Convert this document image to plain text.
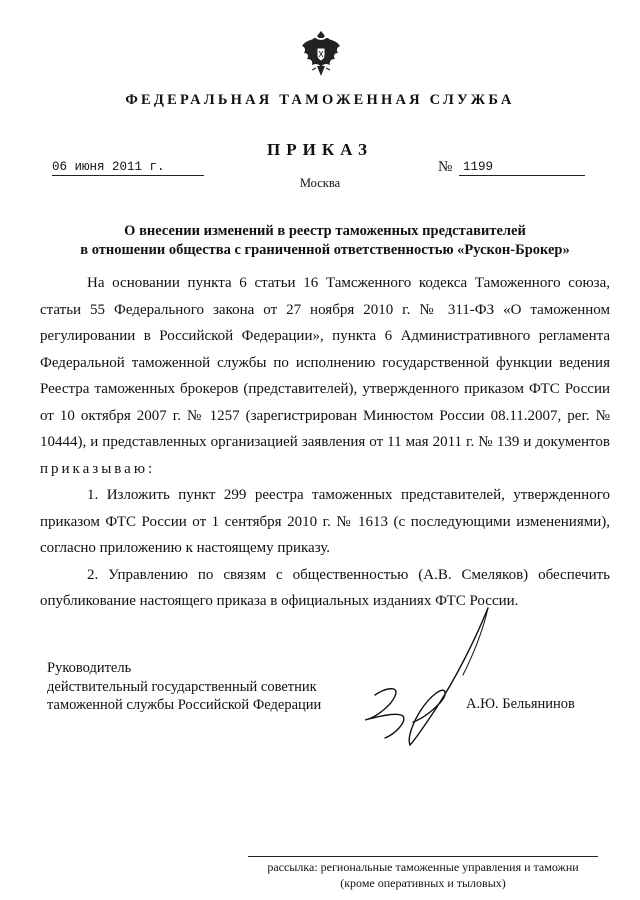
ФЕДЕРАЛЬНАЯ ТАМОЖЕННАЯ СЛУЖБА
ПРИКАЗ
06 июня 2011 г.	№ 1199
Москва
О внесении изменений в реестр таможенных представителей
в отношении общества с граниченной ответственностью «Рускон-Брокер»

На основании пункта 6 статьи 16 Тамсженного кодекса Таможенного союза, статьи 55 Федерального закона от 27 ноября 2010 г. № 311-ФЗ «О таможенном регулировании в Российской Федерации», пункта 6 Административного регламента Федеральной таможенной службы по исполнению государственной функции ведения Реестра таможенных брокеров (представителей), утвержденного приказом ФТС России от 10 октября 2007 г. № 1257 (зарегистрирован Минюстом России 08.11.2007, рег. № 10444), и представленных организацией заявления от 11 мая 2011 г. № 139 и документов приказываю:

1. Изложить пункт 299 реестра таможенных представителей, утвержденного приказом ФТС России от 1 сентября 2010 г. № 1613 (с последующими изменениями), согласно приложению к настоящему приказу.

2. Управлению по связям с общественностью (А.В. Смеляков) обеспечить опубликование настоящего приказа в официальных изданиях ФТС России.

Руководитель
действительный государственный советник
таможенной службы Российской Федерации	А.Ю. Бельянинов
рассылка: региональные таможенные управления и таможни
(кроме оперативных и тыловых)
